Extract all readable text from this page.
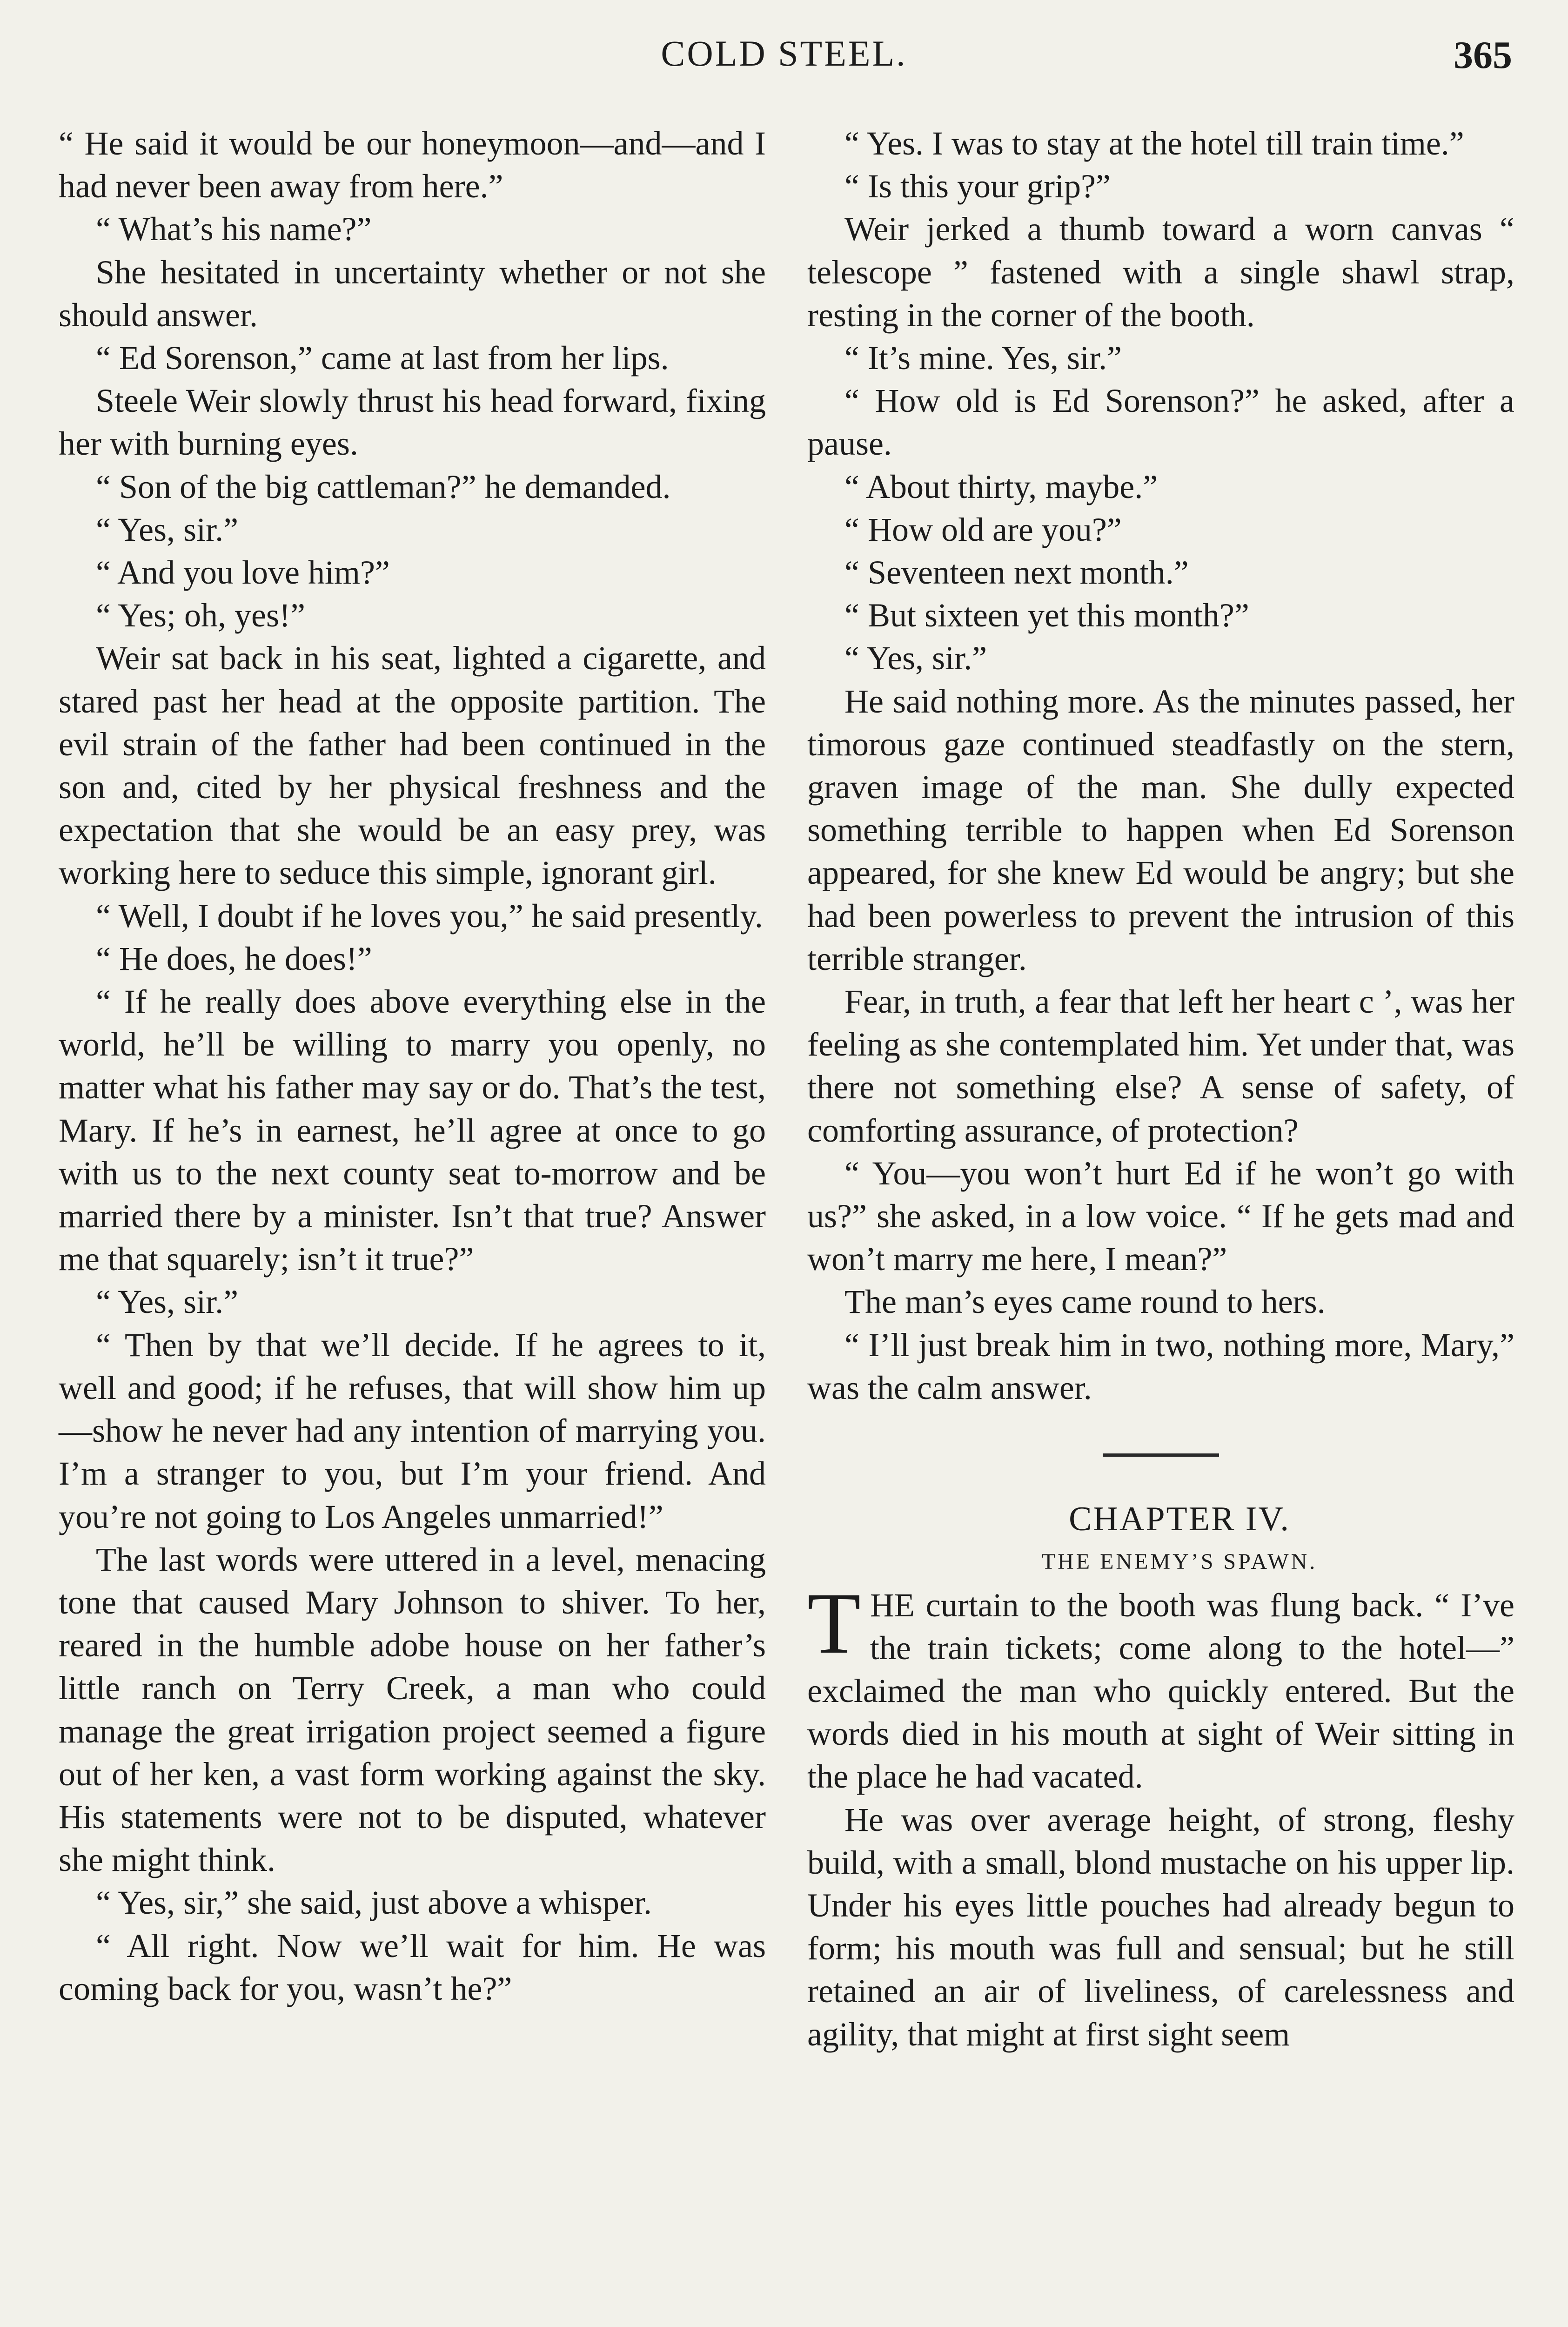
COLD STEEL.	365

“ He said it would be our honeymoon—and—and I had never been away from here.”

“ What’s his name?”

She hesitated in uncertainty whether or not she should answer.

“ Ed Sorenson,” came at last from her lips.

Steele Weir slowly thrust his head forward, fixing her with burning eyes.

“ Son of the big cattleman?” he demanded.

“ Yes, sir.”

“ And you love him?”

“ Yes; oh, yes!”

Weir sat back in his seat, lighted a cigarette, and stared past her head at the opposite partition. The evil strain of the father had been continued in the son and, cited by her physical freshness and the expectation that she would be an easy prey, was working here to seduce this simple, ignorant girl.

“ Well, I doubt if he loves you,” he said presently.

“ He does, he does!”

“ If he really does above everything else in the world, he’ll be willing to marry you openly, no matter what his father may say or do. That’s the test, Mary. If he’s in earnest, he’ll agree at once to go with us to the next county seat to-morrow and be married there by a minister. Isn’t that true? Answer me that squarely; isn’t it true?”

“ Yes, sir.”

“ Then by that we’ll decide. If he agrees to it, well and good; if he refuses, that will show him up—show he never had any intention of marrying you. I’m a stranger to you, but I’m your friend. And you’re not going to Los Angeles unmarried!”

The last words were uttered in a level, menacing tone that caused Mary Johnson to shiver. To her, reared in the humble adobe house on her father’s little ranch on Terry Creek, a man who could manage the great irrigation project seemed a figure out of her ken, a vast form working against the sky. His statements were not to be disputed, whatever she might think.

“ Yes, sir,” she said, just above a whisper.

“ All right. Now we’ll wait for him. He was coming back for you, wasn’t he?”

“ Yes. I was to stay at the hotel till train time.”

“ Is this your grip?”

Weir jerked a thumb toward a worn canvas “ telescope ” fastened with a single shawl strap, resting in the corner of the booth.

“ It’s mine. Yes, sir.”

“ How old is Ed Sorenson?” he asked, after a pause.

“ About thirty, maybe.”

“ How old are you?”

“ Seventeen next month.”

“ But sixteen yet this month?”

“ Yes, sir.”

He said nothing more. As the minutes passed, her timorous gaze continued steadfastly on the stern, graven image of the man. She dully expected something terrible to happen when Ed Sorenson appeared, for she knew Ed would be angry; but she had been powerless to prevent the intrusion of this terrible stranger.

Fear, in truth, a fear that left her heart c ’, was her feeling as she contemplated him. Yet under that, was there not something else? A sense of safety, of comforting assurance, of protection?

“ You—you won’t hurt Ed if he won’t go with us?” she asked, in a low voice. “ If he gets mad and won’t marry me here, I mean?”

The man’s eyes came round to hers.

“ I’ll just break him in two, nothing more, Mary,” was the calm answer.

CHAPTER IV.

THE ENEMY’S SPAWN.

THE curtain to the booth was flung back. “ I’ve the train tickets; come along to the hotel—” exclaimed the man who quickly entered. But the words died in his mouth at sight of Weir sitting in the place he had vacated.

He was over average height, of strong, fleshy build, with a small, blond mustache on his upper lip. Under his eyes little pouches had already begun to form; his mouth was full and sensual; but he still retained an air of liveliness, of carelessness and agility, that might at first sight seem
